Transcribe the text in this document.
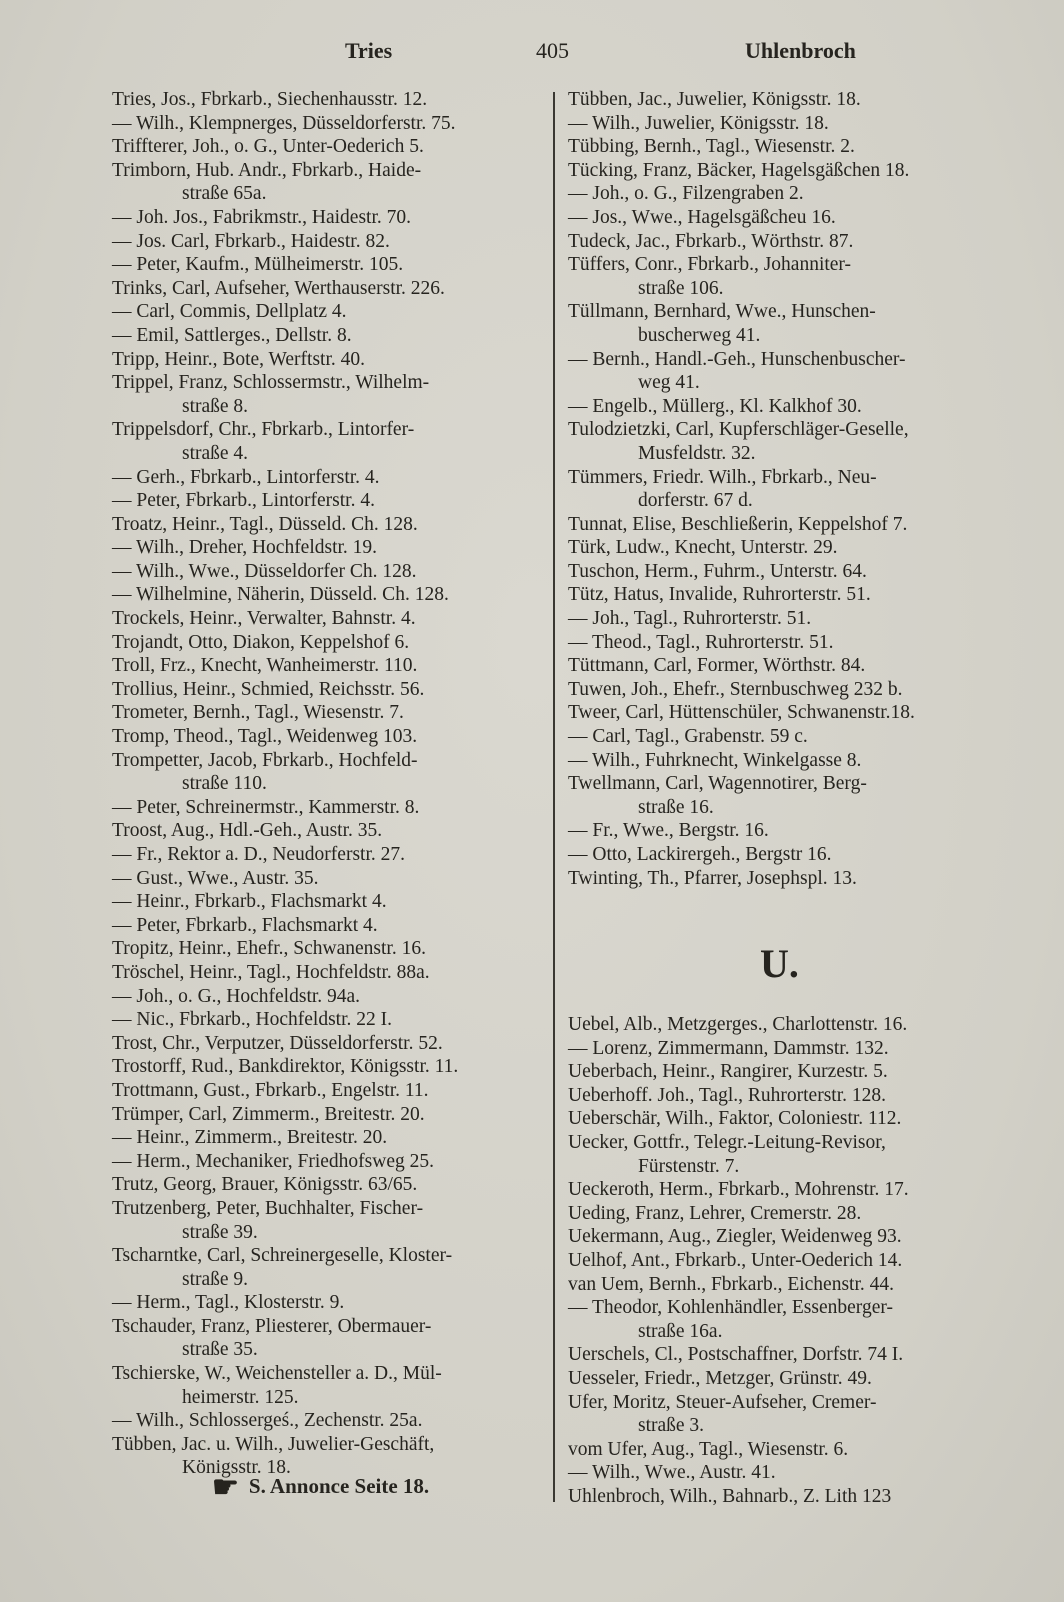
Tries	405	Uhlenbroch
Tries, Jos., Fbrkarb., Siechenhausstr. 12.
— Wilh., Klempnerges, Düsseldorferstr. 75.
Triffterer, Joh., o. G., Unter-Oederich 5.
Trimborn, Hub. Andr., Fbrkarb., Haide-
straße 65a.
— Joh. Jos., Fabrikmstr., Haidestr. 70.
— Jos. Carl, Fbrkarb., Haidestr. 82.
— Peter, Kaufm., Mülheimerstr. 105.
Trinks, Carl, Aufseher, Werthauserstr. 226.
— Carl, Commis, Dellplatz 4.
— Emil, Sattlerges., Dellstr. 8.
Tripp, Heinr., Bote, Werftstr. 40.
Trippel, Franz, Schlossermstr., Wilhelm-
straße 8.
Trippelsdorf, Chr., Fbrkarb., Lintorfer-
straße 4.
— Gerh., Fbrkarb., Lintorferstr. 4.
— Peter, Fbrkarb., Lintorferstr. 4.
Troatz, Heinr., Tagl., Düsseld. Ch. 128.
— Wilh., Dreher, Hochfeldstr. 19.
— Wilh., Wwe., Düsseldorfer Ch. 128.
— Wilhelmine, Näherin, Düsseld. Ch. 128.
Trockels, Heinr., Verwalter, Bahnstr. 4.
Trojandt, Otto, Diakon, Keppelshof 6.
Troll, Frz., Knecht, Wanheimerstr. 110.
Trollius, Heinr., Schmied, Reichsstr. 56.
Trometer, Bernh., Tagl., Wiesenstr. 7.
Tromp, Theod., Tagl., Weidenweg 103.
Trompetter, Jacob, Fbrkarb., Hochfeld-
straße 110.
— Peter, Schreinermstr., Kammerstr. 8.
Troost, Aug., Hdl.-Geh., Austr. 35.
— Fr., Rektor a. D., Neudorferstr. 27.
— Gust., Wwe., Austr. 35.
— Heinr., Fbrkarb., Flachsmarkt 4.
— Peter, Fbrkarb., Flachsmarkt 4.
Tropitz, Heinr., Ehefr., Schwanenstr. 16.
Tröschel, Heinr., Tagl., Hochfeldstr. 88a.
— Joh., o. G., Hochfeldstr. 94a.
— Nic., Fbrkarb., Hochfeldstr. 22 I.
Trost, Chr., Verputzer, Düsseldorferstr. 52.
Trostorff, Rud., Bankdirektor, Königsstr. 11.
Trottmann, Gust., Fbrkarb., Engelstr. 11.
Trümper, Carl, Zimmerm., Breitestr. 20.
— Heinr., Zimmerm., Breitestr. 20.
— Herm., Mechaniker, Friedhofsweg 25.
Trutz, Georg, Brauer, Königsstr. 63/65.
Trutzenberg, Peter, Buchhalter, Fischer-
straße 39.
Tscharntke, Carl, Schreinergeselle, Kloster-
straße 9.
— Herm., Tagl., Klosterstr. 9.
Tschauder, Franz, Pliesterer, Obermauer-
straße 35.
Tschierske, W., Weichensteller a. D., Mül-
heimerstr. 125.
— Wilh., Schlossergeś., Zechenstr. 25a.
Tübben, Jac. u. Wilh., Juwelier-Geschäft,
Königsstr. 18.
☛ S. Annonce Seite 18.
Tübben, Jac., Juwelier, Königsstr. 18.
— Wilh., Juwelier, Königsstr. 18.
Tübbing, Bernh., Tagl., Wiesenstr. 2.
Tücking, Franz, Bäcker, Hagelsgäßchen 18.
— Joh., o. G., Filzengraben 2.
— Jos., Wwe., Hagelsgäßcheu 16.
Tudeck, Jac., Fbrkarb., Wörthstr. 87.
Tüffers, Conr., Fbrkarb., Johanniter-
straße 106.
Tüllmann, Bernhard, Wwe., Hunschen-
buscherweg 41.
— Bernh., Handl.-Geh., Hunschenbuscher-
weg 41.
— Engelb., Müllerg., Kl. Kalkhof 30.
Tulodzietzki, Carl, Kupferschläger-Geselle,
Musfeldstr. 32.
Tümmers, Friedr. Wilh., Fbrkarb., Neu-
dorferstr. 67 d.
Tunnat, Elise, Beschließerin, Keppelshof 7.
Türk, Ludw., Knecht, Unterstr. 29.
Tuschon, Herm., Fuhrm., Unterstr. 64.
Tütz, Hatus, Invalide, Ruhrorterstr. 51.
— Joh., Tagl., Ruhrorterstr. 51.
— Theod., Tagl., Ruhrorterstr. 51.
Tüttmann, Carl, Former, Wörthstr. 84.
Tuwen, Joh., Ehefr., Sternbuschweg 232 b.
Tweer, Carl, Hüttenschüler, Schwanenstr.18.
— Carl, Tagl., Grabenstr. 59 c.
— Wilh., Fuhrknecht, Winkelgasse 8.
Twellmann, Carl, Wagennotirer, Berg-
straße 16.
— Fr., Wwe., Bergstr. 16.
— Otto, Lackirergeh., Bergstr 16.
Twinting, Th., Pfarrer, Josephspl. 13.
U.
Uebel, Alb., Metzgerges., Charlottenstr. 16.
— Lorenz, Zimmermann, Dammstr. 132.
Ueberbach, Heinr., Rangirer, Kurzestr. 5.
Ueberhoff. Joh., Tagl., Ruhrorterstr. 128.
Ueberschär, Wilh., Faktor, Coloniestr. 112.
Uecker, Gottfr., Telegr.-Leitung-Revisor,
Fürstenstr. 7.
Ueckeroth, Herm., Fbrkarb., Mohrenstr. 17.
Ueding, Franz, Lehrer, Cremerstr. 28.
Uekermann, Aug., Ziegler, Weidenweg 93.
Uelhof, Ant., Fbrkarb., Unter-Oederich 14.
van Uem, Bernh., Fbrkarb., Eichenstr. 44.
— Theodor, Kohlenhändler, Essenberger-
straße 16a.
Uerschels, Cl., Postschaffner, Dorfstr. 74 I.
Uesseler, Friedr., Metzger, Grünstr. 49.
Ufer, Moritz, Steuer-Aufseher, Cremer-
straße 3.
vom Ufer, Aug., Tagl., Wiesenstr. 6.
— Wilh., Wwe., Austr. 41.
Uhlenbroch, Wilh., Bahnarb., Z. Lith 123
